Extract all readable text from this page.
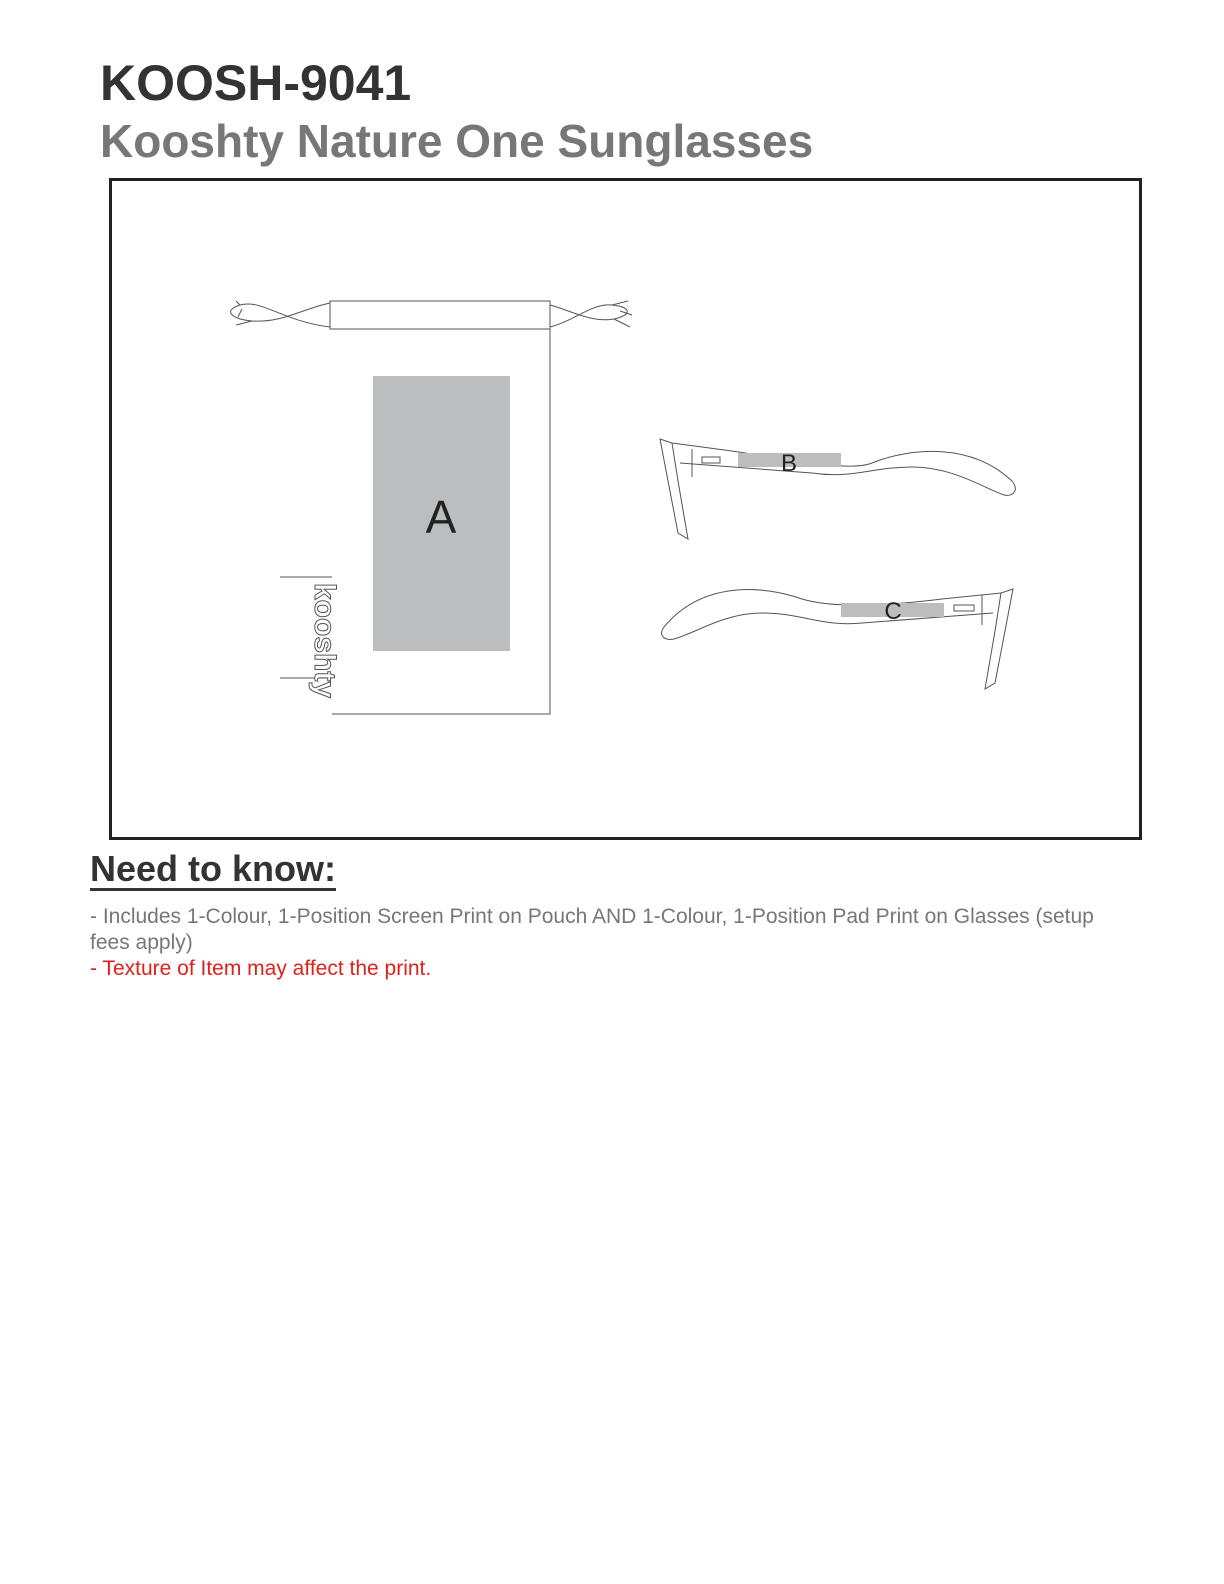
KOOSH-9041
Kooshty Nature One Sunglasses
kooshty
A
B
C
Need to know:

- Includes 1-Colour, 1-Position Screen Print on Pouch AND 1-Colour, 1-Position Pad Print on Glasses (setup fees apply)

- Texture of Item may affect the print.
